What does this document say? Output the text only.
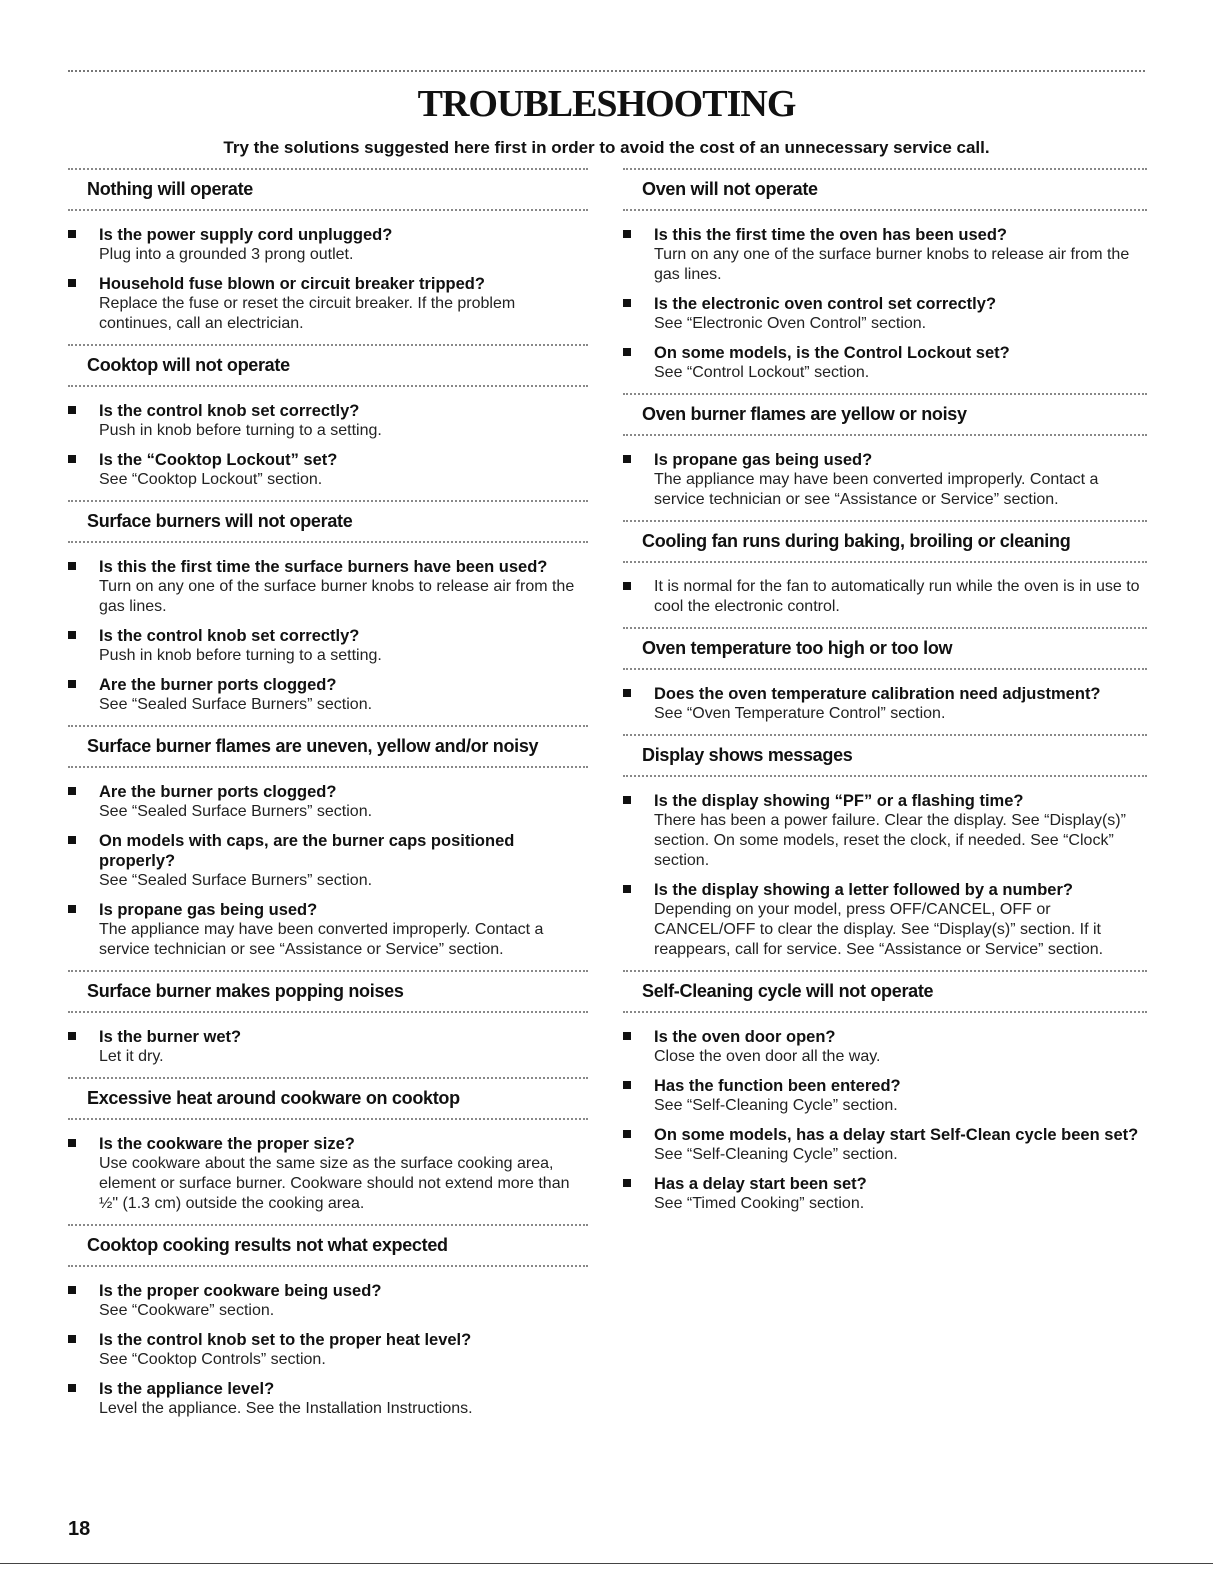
TROUBLESHOOTING
Try the solutions suggested here first in order to avoid the cost of an unnecessary service call.
Nothing will operate
Is the power supply cord unplugged?
Plug into a grounded 3 prong outlet.
Household fuse blown or circuit breaker tripped?
Replace the fuse or reset the circuit breaker. If the problem continues, call an electrician.
Cooktop will not operate
Is the control knob set correctly?
Push in knob before turning to a setting.
Is the “Cooktop Lockout” set?
See “Cooktop Lockout” section.
Surface burners will not operate
Is this the first time the surface burners have been used?
Turn on any one of the surface burner knobs to release air from the gas lines.
Is the control knob set correctly?
Push in knob before turning to a setting.
Are the burner ports clogged?
See “Sealed Surface Burners” section.
Surface burner flames are uneven, yellow and/or noisy
Are the burner ports clogged?
See “Sealed Surface Burners” section.
On models with caps, are the burner caps positioned properly?
See “Sealed Surface Burners” section.
Is propane gas being used?
The appliance may have been converted improperly. Contact a service technician or see “Assistance or Service” section.
Surface burner makes popping noises
Is the burner wet?
Let it dry.
Excessive heat around cookware on cooktop
Is the cookware the proper size?
Use cookware about the same size as the surface cooking area, element or surface burner. Cookware should not extend more than ½" (1.3 cm) outside the cooking area.
Cooktop cooking results not what expected
Is the proper cookware being used?
See “Cookware” section.
Is the control knob set to the proper heat level?
See “Cooktop Controls” section.
Is the appliance level?
Level the appliance. See the Installation Instructions.
Oven will not operate
Is this the first time the oven has been used?
Turn on any one of the surface burner knobs to release air from the gas lines.
Is the electronic oven control set correctly?
See “Electronic Oven Control” section.
On some models, is the Control Lockout set?
See “Control Lockout” section.
Oven burner flames are yellow or noisy
Is propane gas being used?
The appliance may have been converted improperly. Contact a service technician or see “Assistance or Service” section.
Cooling fan runs during baking, broiling or cleaning
It is normal for the fan to automatically run while the oven is in use to cool the electronic control.
Oven temperature too high or too low
Does the oven temperature calibration need adjustment?
See “Oven Temperature Control” section.
Display shows messages
Is the display showing “PF” or a flashing time?
There has been a power failure. Clear the display. See “Display(s)” section. On some models, reset the clock, if needed. See “Clock” section.
Is the display showing a letter followed by a number?
Depending on your model, press OFF/CANCEL, OFF or CANCEL/OFF to clear the display. See “Display(s)” section. If it reappears, call for service. See “Assistance or Service” section.
Self-Cleaning cycle will not operate
Is the oven door open?
Close the oven door all the way.
Has the function been entered?
See “Self-Cleaning Cycle” section.
On some models, has a delay start Self-Clean cycle been set?
See “Self-Cleaning Cycle” section.
Has a delay start been set?
See “Timed Cooking” section.
18
